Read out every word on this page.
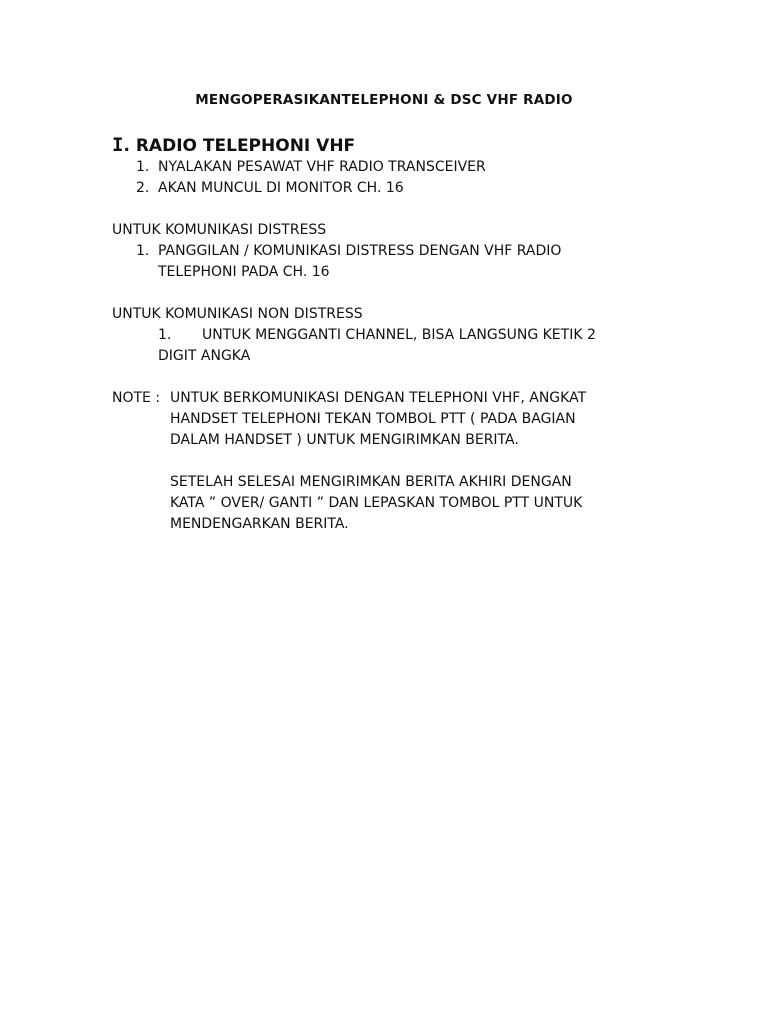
MENGOPERASIKANTELEPHONI & DSC VHF RADIO
I. RADIO TELEPHONI VHF
1. NYALAKAN PESAWAT VHF RADIO TRANSCEIVER
2. AKAN MUNCUL DI MONITOR CH. 16
UNTUK KOMUNIKASI DISTRESS
1. PANGGILAN / KOMUNIKASI DISTRESS DENGAN VHF RADIO
TELEPHONI PADA CH. 16
UNTUK KOMUNIKASI NON DISTRESS
1. UNTUK MENGGANTI CHANNEL, BISA LANGSUNG KETIK 2
DIGIT ANGKA
NOTE : UNTUK BERKOMUNIKASI DENGAN TELEPHONI VHF, ANGKAT
HANDSET TELEPHONI TEKAN TOMBOL PTT ( PADA BAGIAN
DALAM HANDSET ) UNTUK MENGIRIMKAN BERITA.
SETELAH SELESAI MENGIRIMKAN BERITA AKHIRI DENGAN
KATA ” OVER/ GANTI ” DAN LEPASKAN TOMBOL PTT UNTUK
MENDENGARKAN BERITA.
